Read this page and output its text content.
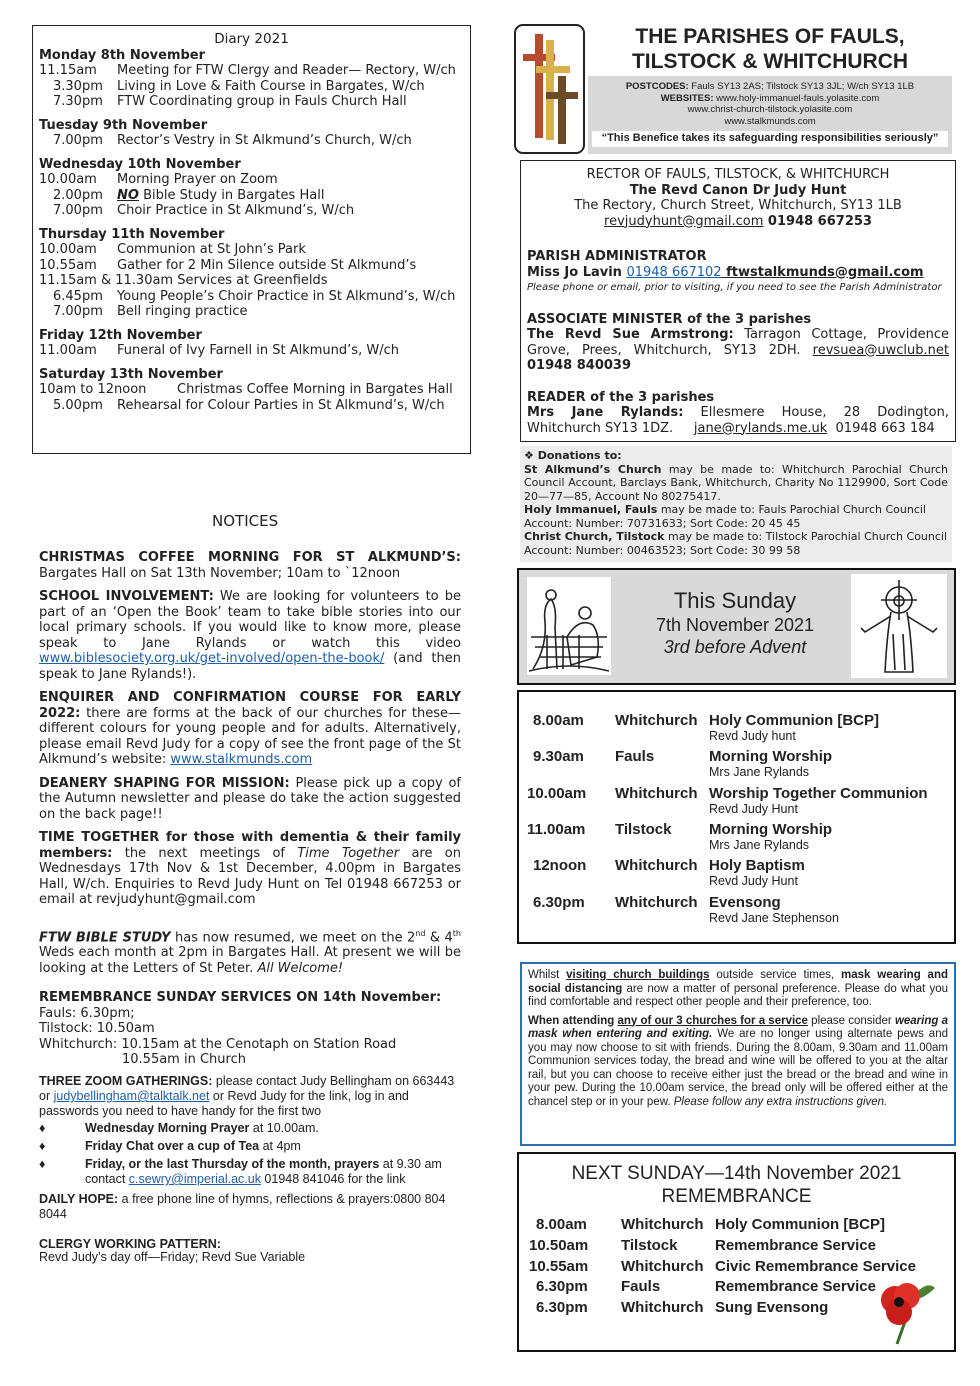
Diary 2021
Monday 8th November
11.15am Meeting for FTW Clergy and Reader— Rectory, W/ch
3.30pm Living in Love & Faith Course in Bargates, W/ch
7.30pm FTW Coordinating group in Fauls Church Hall
Tuesday 9th November
7.00pm Rector’s Vestry in St Alkmund’s Church, W/ch
Wednesday 10th November
10.00am Morning Prayer on Zoom
2.00pm NO Bible Study in Bargates Hall
7.00pm Choir Practice in St Alkmund’s, W/ch
Thursday 11th November
10.00am Communion at St John’s Park
10.55am Gather for 2 Min Silence outside St Alkmund’s
11.15am & 11.30am Services at Greenfields
6.45pm Young People’s Choir Practice in St Alkmund’s, W/ch
7.00pm Bell ringing practice
Friday 12th November
11.00am Funeral of Ivy Farnell in St Alkmund’s, W/ch
Saturday 13th November
10am to 12noon Christmas Coffee Morning in Bargates Hall
5.00pm Rehearsal for Colour Parties in St Alkmund’s, W/ch
NOTICES
CHRISTMAS COFFEE MORNING FOR ST ALKMUND’S: Bargates Hall on Sat 13th November; 10am to `12noon
SCHOOL INVOLVEMENT: We are looking for volunteers to be part of an ‘Open the Book’ team to take bible stories into our local primary schools. If you would like to know more, please speak to Jane Rylands or watch this video www.biblesociety.org.uk/get-involved/open-the-book/ (and then speak to Jane Rylands!).
ENQUIRER AND CONFIRMATION COURSE FOR EARLY 2022: there are forms at the back of our churches for these—different colours for young people and for adults. Alternatively, please email Revd Judy for a copy of see the front page of the St Alkmund’s website: www.stalkmunds.com
DEANERY SHAPING FOR MISSION: Please pick up a copy of the Autumn newsletter and please do take the action suggested on the back page!!
TIME TOGETHER for those with dementia & their family members: the next meetings of Time Together are on Wednesdays 17th Nov & 1st December, 4.00pm in Bargates Hall, W/ch. Enquiries to Revd Judy Hunt on Tel 01948 667253 or email at revjudyhunt@gmail.com
FTW BIBLE STUDY has now resumed, we meet on the 2nd & 4th Weds each month at 2pm in Bargates Hall. At present we will be looking at the Letters of St Peter. All Welcome!
REMEMBRANCE SUNDAY SERVICES ON 14th November:
Fauls: 6.30pm;
Tilstock: 10.50am
Whitchurch: 10.15am at the Cenotaph on Station Road
10.55am in Church
THREE ZOOM GATHERINGS: please contact Judy Bellingham on 663443 or judybellingham@talktalk.net or Revd Judy for the link, log in and passwords you need to have handy for the first two
♦	Wednesday Morning Prayer at 10.00am.
♦	Friday Chat over a cup of Tea at 4pm
♦	Friday, or the last Thursday of the month, prayers at 9.30 am contact c.sewry@imperial.ac.uk 01948 841046 for the link
DAILY HOPE: a free phone line of hymns, reflections & prayers:0800 804 8044
CLERGY WORKING PATTERN:
Revd Judy’s day off—Friday; Revd Sue Variable
THE PARISHES OF FAULS,
TILSTOCK & WHITCHURCH
POSTCODES: Fauls SY13 2AS; Tilstock SY13 3JL; W/ch SY13 1LB
WEBSITES: www.holy-immanuel-fauls.yolasite.com
www.christ-church-tilstock.yolasite.com
www.stalkmunds.com
“This Benefice takes its safeguarding responsibilities seriously”
RECTOR OF FAULS, TILSTOCK, & WHITCHURCH
The Revd Canon Dr Judy Hunt
The Rectory, Church Street, Whitchurch, SY13 1LB
revjudyhunt@gmail.com 01948 667253
PARISH ADMINISTRATOR
Miss Jo Lavin 01948 667102 ftwstalkmunds@gmail.com
Please phone or email, prior to visiting, if you need to see the Parish Administrator
ASSOCIATE MINISTER of the 3 parishes
The Revd Sue Armstrong: Tarragon Cottage, Providence Grove, Prees, Whitchurch, SY13 2DH. revsuea@uwclub.net 01948 840039
READER of the 3 parishes
Mrs Jane Rylands: Ellesmere House, 28 Dodington, Whitchurch SY13 1DZ. jane@rylands.me.uk 01948 663 184
❖ Donations to:
St Alkmund’s Church may be made to: Whitchurch Parochial Church Council Account, Barclays Bank, Whitchurch, Charity No 1129900, Sort Code 20—77—85, Account No 80275417.
Holy Immanuel, Fauls may be made to: Fauls Parochial Church Council Account: Number: 70731633; Sort Code: 20 45 45
Christ Church, Tilstock may be made to: Tilstock Parochial Church Council Account: Number: 00463523; Sort Code: 30 99 58
This Sunday
7th November 2021
3rd before Advent
8.00am	Whitchurch Holy Communion [BCP]
Revd Judy hunt
9.30am	Fauls	Morning Worship
Mrs Jane Rylands
10.00am	Whitchurch Worship Together Communion
Revd Judy Hunt
11.00am	Tilstock	Morning Worship
Mrs Jane Rylands
12noon	Whitchurch Holy Baptism
Revd Judy Hunt
6.30pm	Whitchurch Evensong
Revd Jane Stephenson
Whilst visiting church buildings outside service times, mask wearing and social distancing are now a matter of personal preference. Please do what you find comfortable and respect other people and their preference, too.
When attending any of our 3 churches for a service please consider wearing a mask when entering and exiting. We are no longer using alternate pews and you may now choose to sit with friends. During the 8.00am, 9.30am and 11.00am Communion services today, the bread and wine will be offered to you at the altar rail, but you can choose to receive either just the bread or the bread and wine in your pew. During the 10.00am service, the bread only will be offered either at the chancel step or in your pew. Please follow any extra instructions given.
NEXT SUNDAY—14th November 2021
REMEMBRANCE
8.00am	Whitchurch Holy Communion [BCP]
10.50am	Tilstock	Remembrance Service
10.55am	Whitchurch Civic Remembrance Service
6.30pm	Fauls	Remembrance Service
6.30pm	Whitchurch Sung Evensong
